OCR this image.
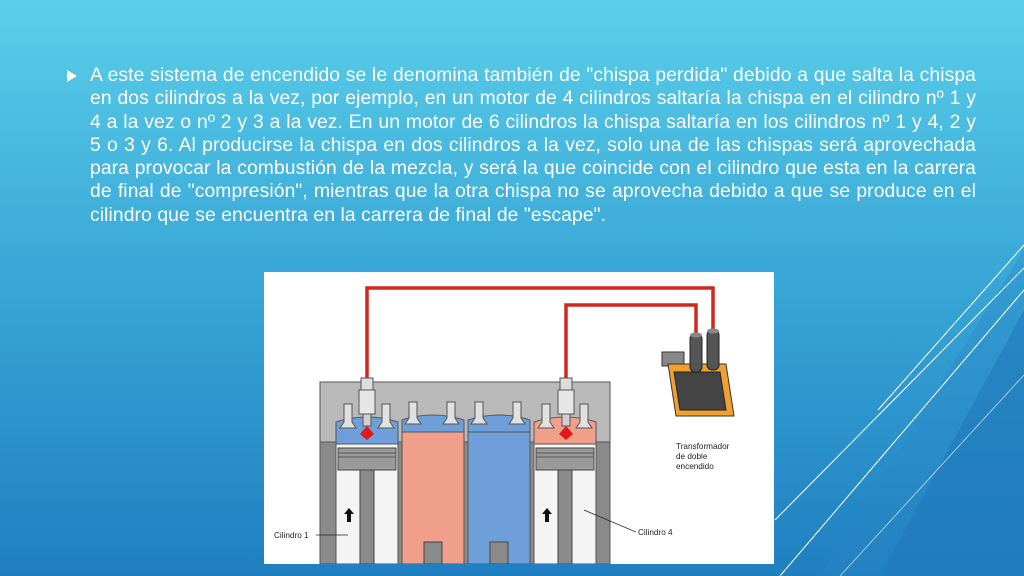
A este sistema de encendido se le denomina también de "chispa perdida" debido a que salta la chispa en dos cilindros a la vez, por ejemplo, en un motor de 4 cilindros saltaría la chispa en el cilindro nº 1 y 4 a la vez o nº 2 y 3 a la vez. En un motor de 6 cilindros la chispa saltaría en los cilindros nº 1 y 4, 2 y 5 o 3 y 6. Al producirse la chispa en dos cilindros a la vez, solo una de las chispas será aprovechada para provocar la combustión de la mezcla, y será la que coincide con el cilindro que esta en la carrera de final de "compresión", mientras que la otra chispa no se aprovecha debido a que se produce en el cilindro que se encuentra en la carrera de final de "escape".

Transformador
de doble
encendido
Cilindro 1	Cilindro 4
